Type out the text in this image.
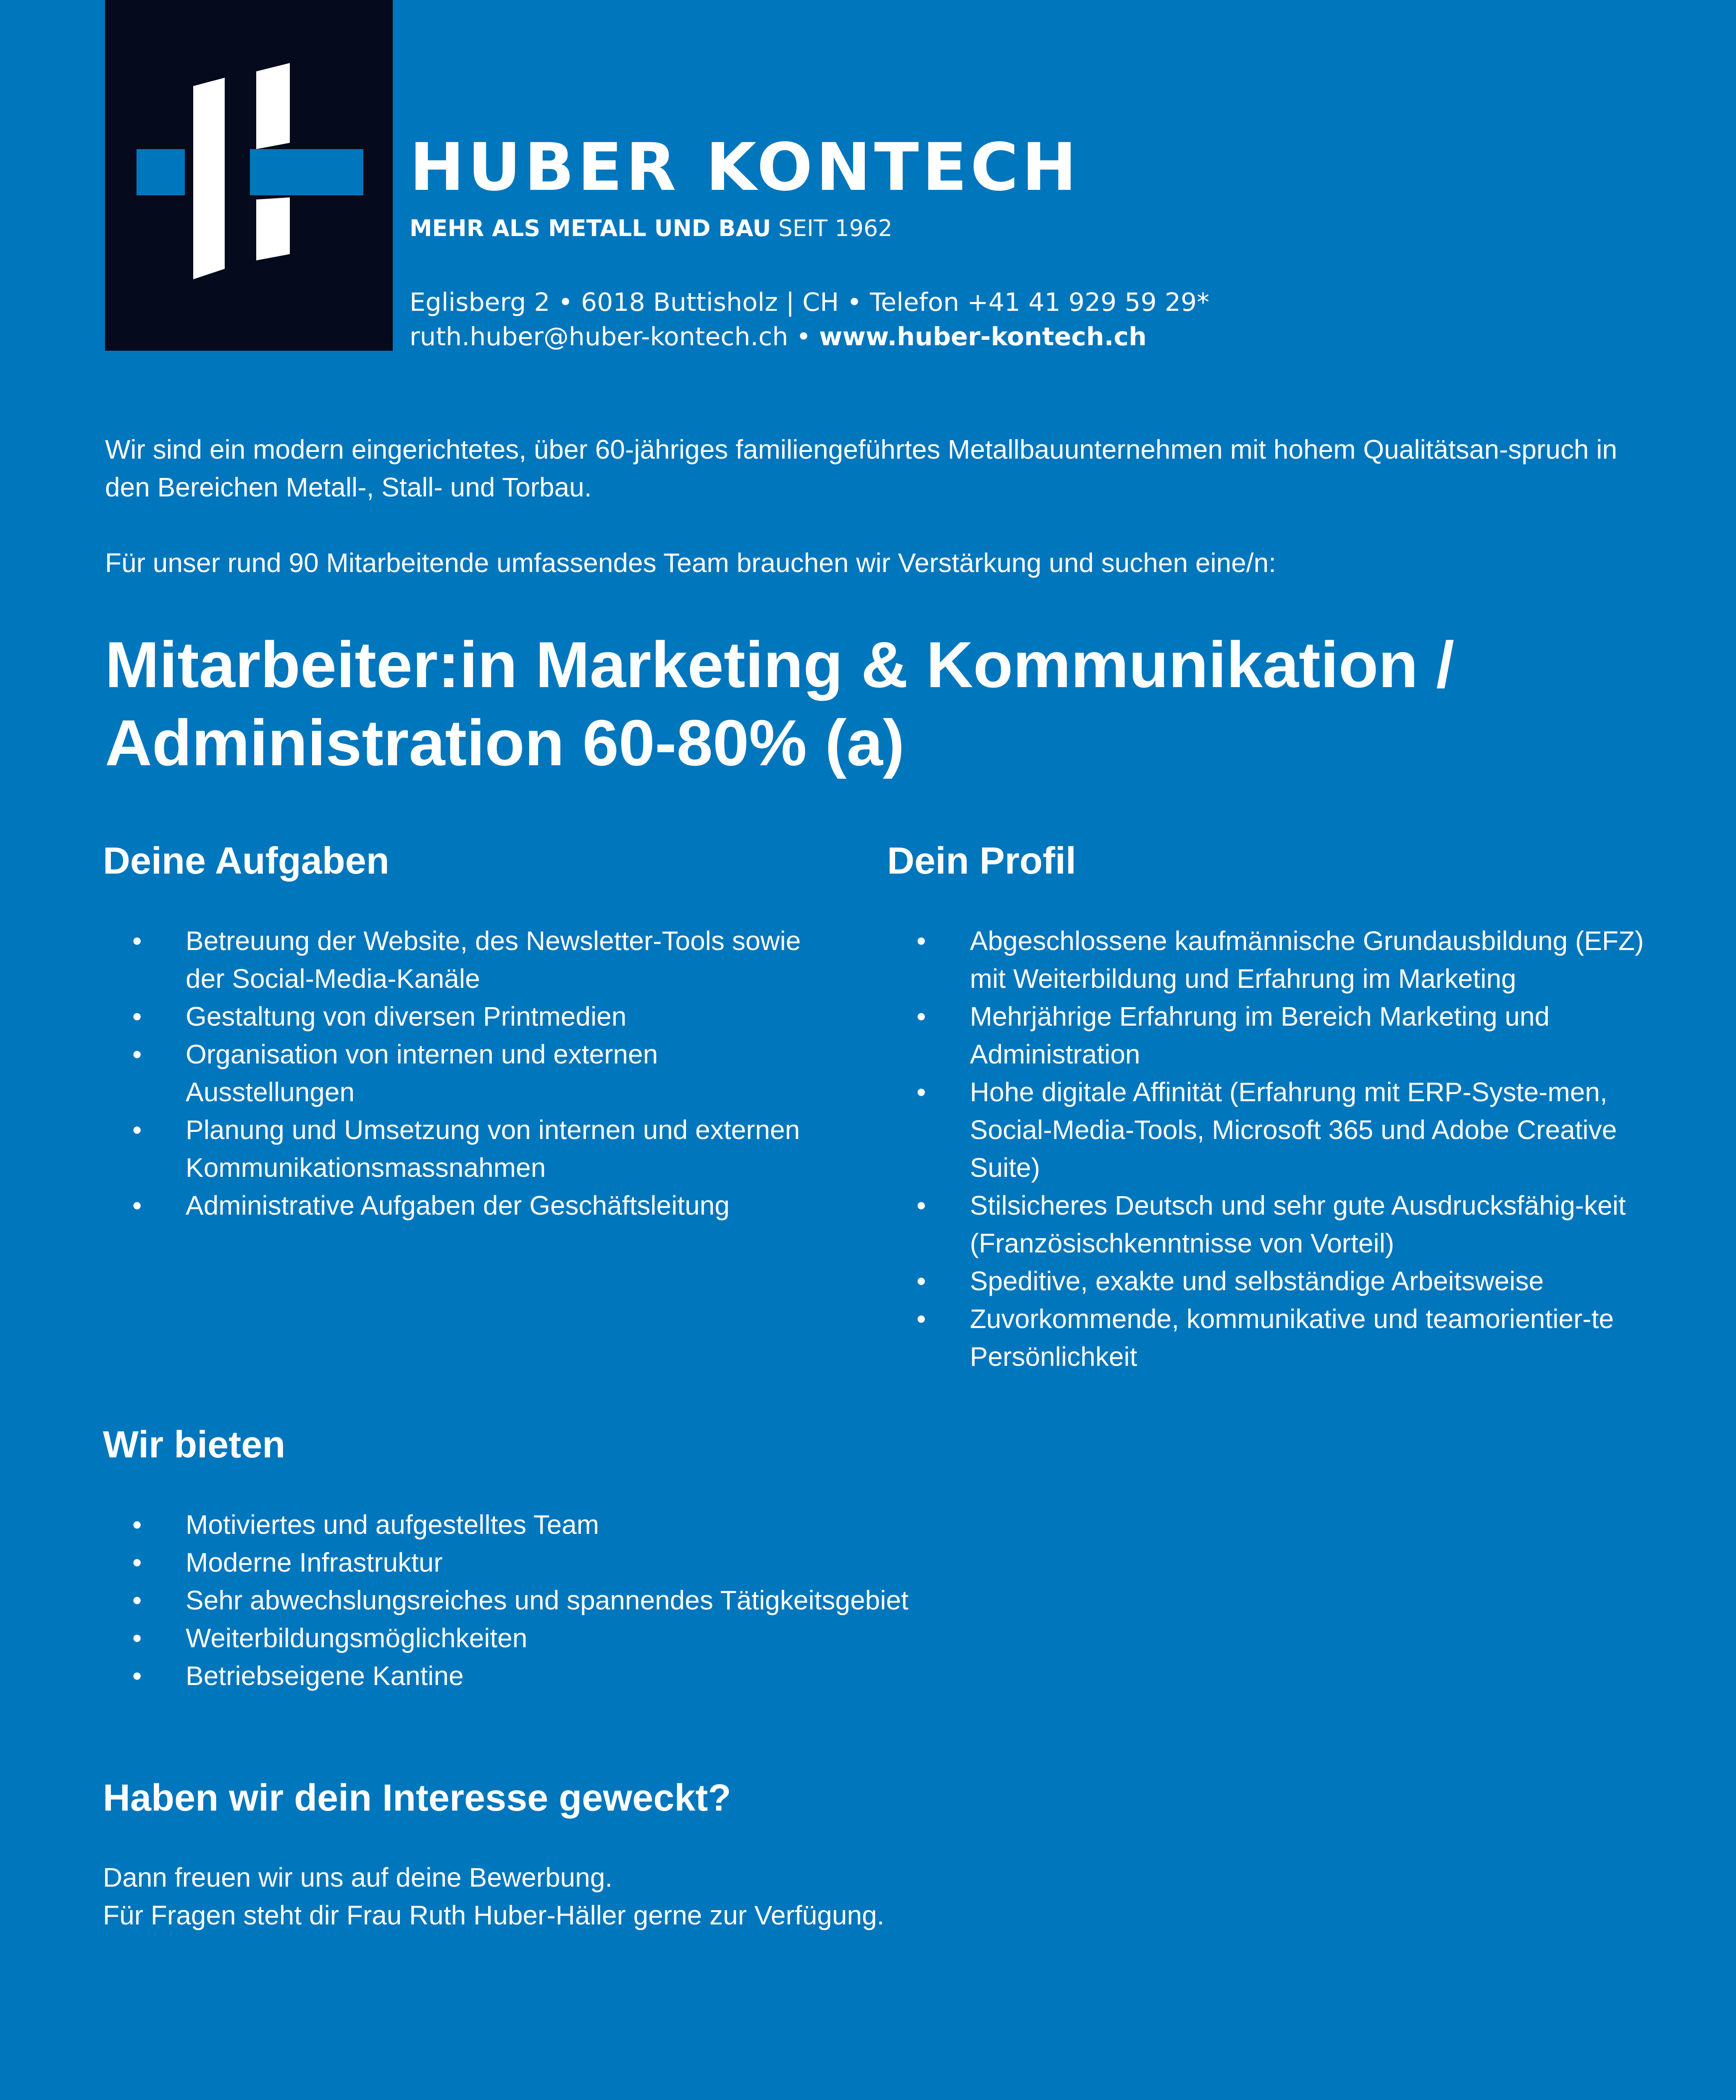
HUBER KONTECH
MEHR ALS METALL UND BAU SEIT 1962
Eglisberg 2 • 6018 Buttisholz | CH • Telefon +41 41 929 59 29*
ruth.huber@huber-kontech.ch • www.huber-kontech.ch
Wir sind ein modern eingerichtetes, über 60-jähriges familiengeführtes Metallbauunternehmen mit hohem Qualitätsan-spruch in den Bereichen Metall-, Stall- und Torbau.
Für unser rund 90 Mitarbeitende umfassendes Team brauchen wir Verstärkung und suchen eine/n:
Mitarbeiter:in Marketing & Kommunikation /
Administration 60-80% (a)
Deine Aufgaben
• Betreuung der Website, des Newsletter-Tools sowie der Social-Media-Kanäle
• Gestaltung von diversen Printmedien
• Organisation von internen und externen Ausstellungen
• Planung und Umsetzung von internen und externen Kommunikationsmassnahmen
• Administrative Aufgaben der Geschäftsleitung
Dein Profil
• Abgeschlossene kaufmännische Grundausbildung (EFZ) mit Weiterbildung und Erfahrung im Marketing
• Mehrjährige Erfahrung im Bereich Marketing und Administration
• Hohe digitale Affinität (Erfahrung mit ERP-Syste-men, Social-Media-Tools, Microsoft 365 und Adobe Creative Suite)
• Stilsicheres Deutsch und sehr gute Ausdrucksfähig-keit (Französischkenntnisse von Vorteil)
• Speditive, exakte und selbständige Arbeitsweise
• Zuvorkommende, kommunikative und teamorientier-te Persönlichkeit
Wir bieten
• Motiviertes und aufgestelltes Team
• Moderne Infrastruktur
• Sehr abwechslungsreiches und spannendes Tätigkeitsgebiet
• Weiterbildungsmöglichkeiten
• Betriebseigene Kantine
Haben wir dein Interesse geweckt?
Dann freuen wir uns auf deine Bewerbung.
Für Fragen steht dir Frau Ruth Huber-Häller gerne zur Verfügung.
